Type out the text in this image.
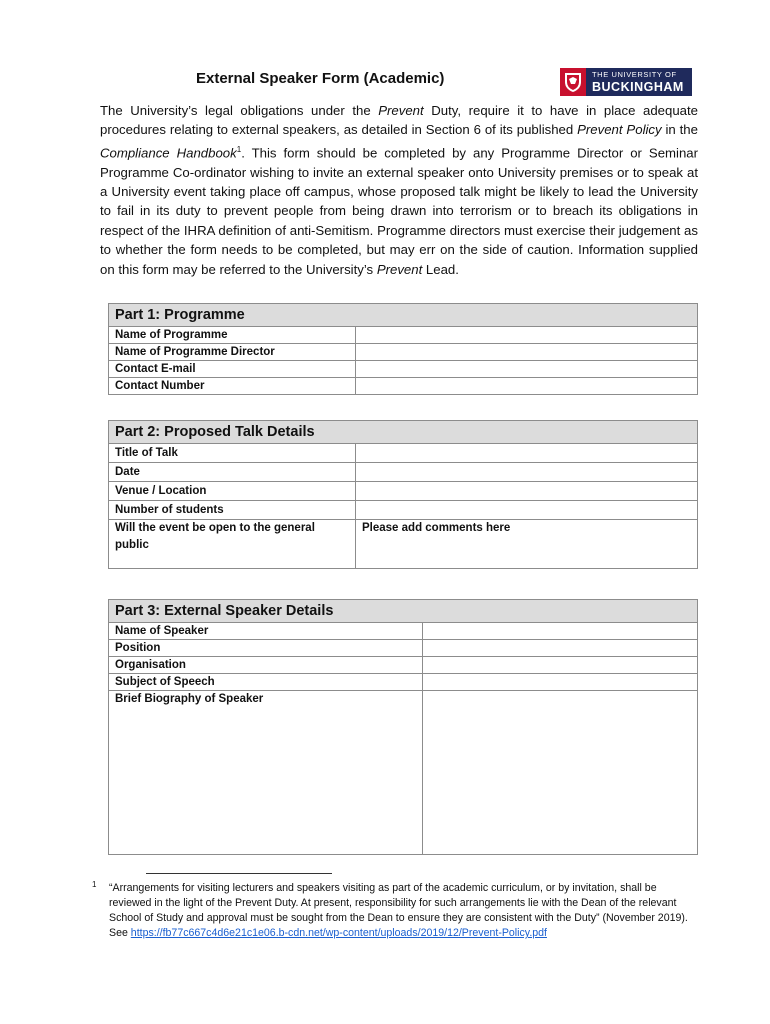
External Speaker Form (Academic)	THE UNIVERSITY OF
BUCKINGHAM

The University’s legal obligations under the Prevent Duty, require it to have in place adequate procedures relating to external speakers, as detailed in Section 6 of its published Prevent Policy in the Compliance Handbook$^1$. This form should be completed by any Programme Director or Seminar Programme Co-ordinator wishing to invite an external speaker onto University premises or to speak at a University event taking place off campus, whose proposed talk might be likely to lead the University to fail in its duty to prevent people from being drawn into terrorism or to breach its obligations in respect of the IHRA definition of anti-Semitism. Programme directors must exercise their judgement as to whether the form needs to be completed, but may err on the side of caution. Information supplied on this form may be referred to the University’s Prevent Lead.

Part 1: Programme	
Name of Programme	
Name of Programme Director	
Contact E-mail	
Contact Number	
Part 2: Proposed Talk Details	
Title of Talk	
Date	
Venue / Location	
Number of students	
Will the event be open to the general public	Please add comments here
Part 3: External Speaker Details	
Name of Speaker	
Position	
Organisation	
Subject of Speech	
Brief Biography of Speaker	
1 “Arrangements for visiting lecturers and speakers visiting as part of the academic curriculum, or by invitation, shall be reviewed in the light of the Prevent Duty. At present, responsibility for such arrangements lie with the Dean of the relevant School of Study and approval must be sought from the Dean to ensure they are consistent with the Duty” (November 2019). See https://fb77c667c4d6e21c1e06.b-cdn.net/wp-content/uploads/2019/12/Prevent-Policy.pdf
